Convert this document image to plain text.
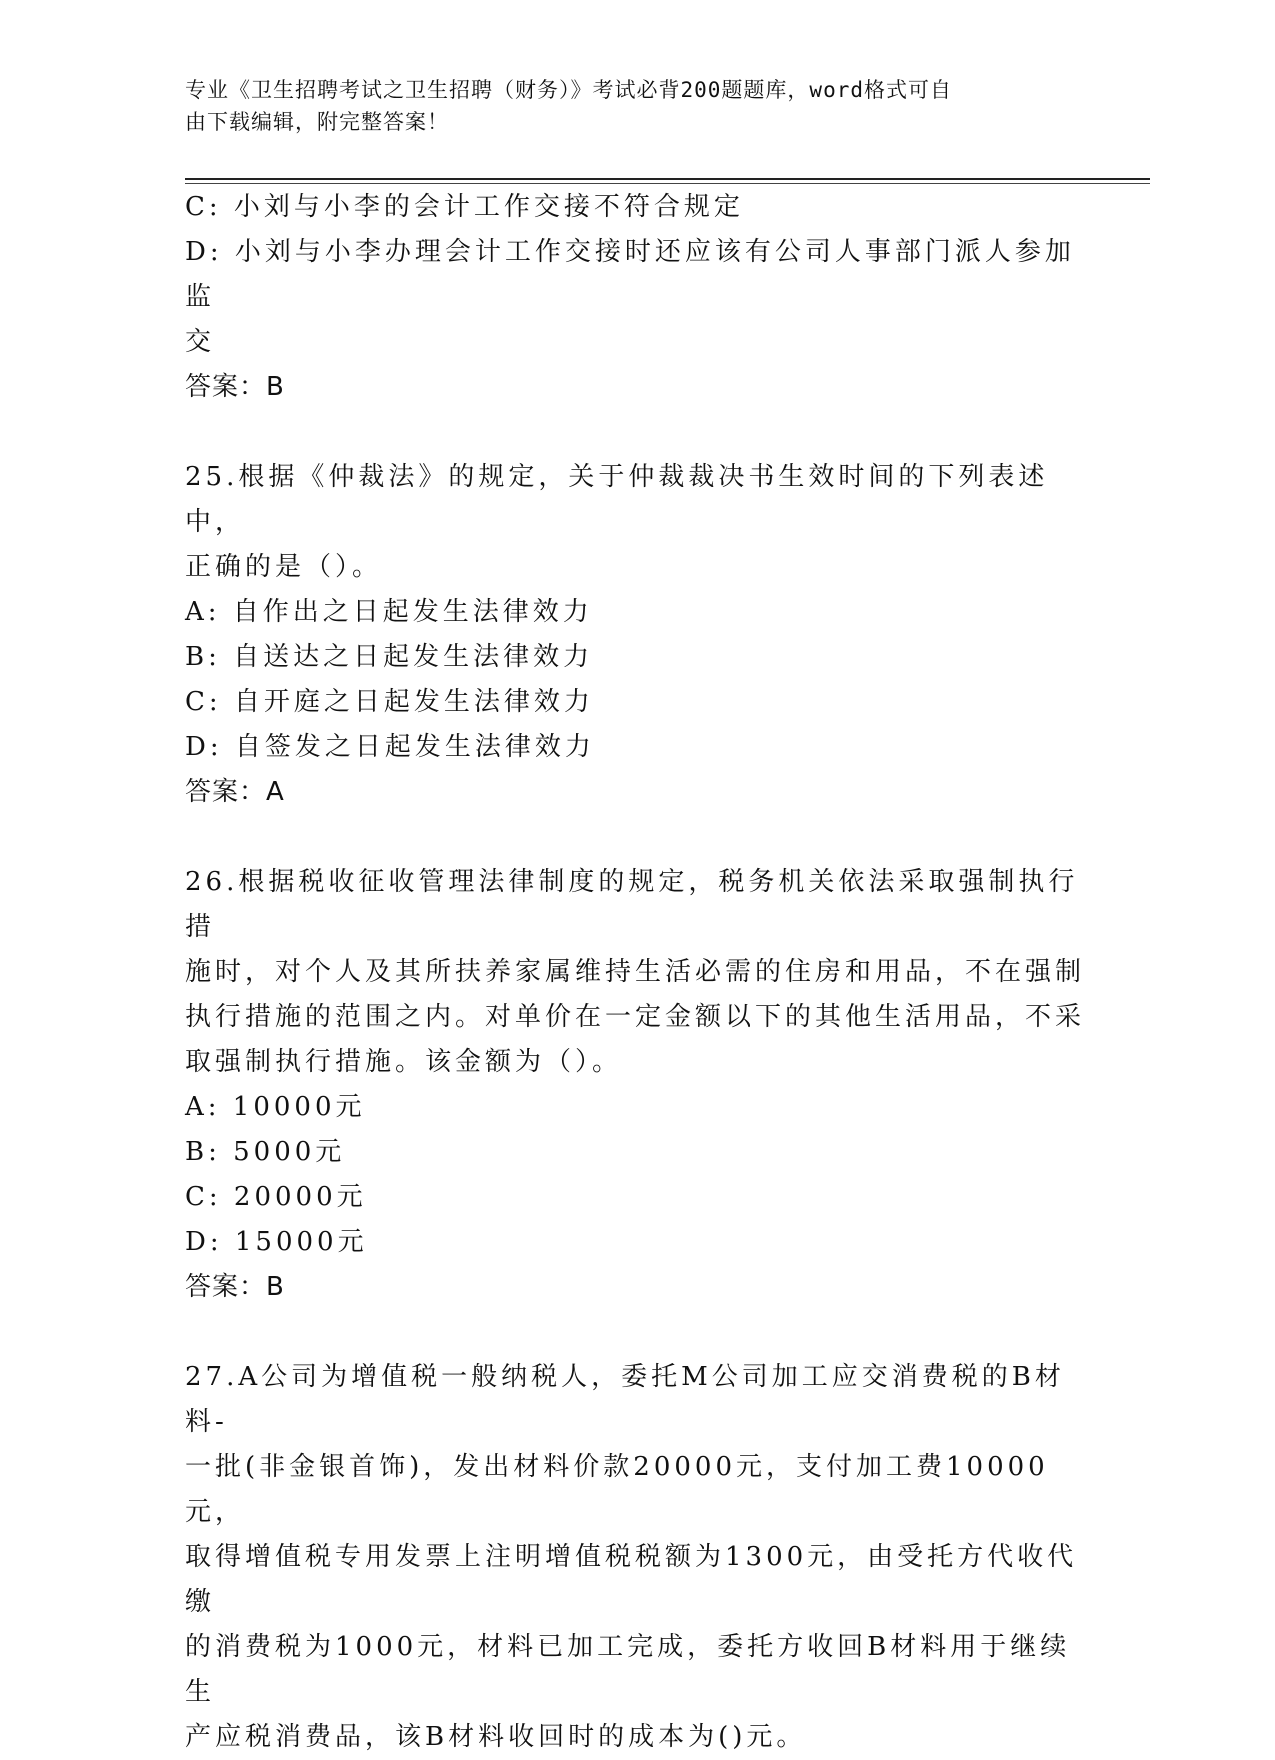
专业《卫生招聘考试之卫生招聘（财务）》考试必背200题题库，word格式可自
由下载编辑，附完整答案！
C: 小刘与小李的会计工作交接不符合规定
D: 小刘与小李办理会计工作交接时还应该有公司人事部门派人参加监
交
答案：B
25.根据《仲裁法》的规定，关于仲裁裁决书生效时间的下列表述中，
正确的是（）。
A: 自作出之日起发生法律效力
B: 自送达之日起发生法律效力
C: 自开庭之日起发生法律效力
D: 自签发之日起发生法律效力
答案：A
26.根据税收征收管理法律制度的规定，税务机关依法采取强制执行措
施时，对个人及其所扶养家属维持生活必需的住房和用品，不在强制
执行措施的范围之内。对单价在一定金额以下的其他生活用品，不采
取强制执行措施。该金额为（）。
A: 10000元
B: 5000元
C: 20000元
D: 15000元
答案：B
27.A公司为增值税一般纳税人，委托M公司加工应交消费税的B材料-
一批(非金银首饰)，发出材料价款20000元，支付加工费10000元，
取得增值税专用发票上注明增值税税额为1300元，由受托方代收代缴
的消费税为1000元，材料已加工完成，委托方收回B材料用于继续生
产应税消费品，该B材料收回时的成本为()元。
